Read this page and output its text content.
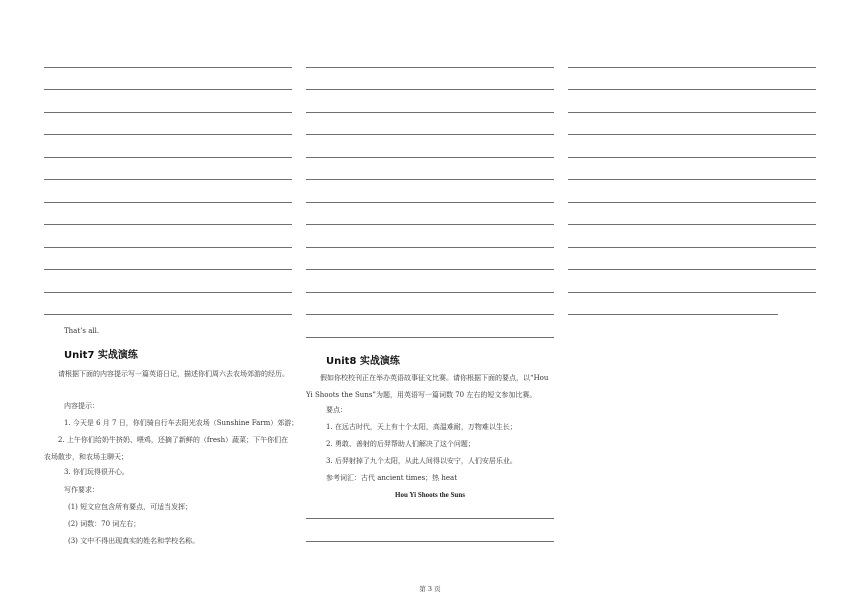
That’s all.
Unit7 实战演练
请根据下面的内容提示写一篇英语日记，描述你们周六去农场郊游的经历。
内容提示：
1. 今天是 6 月 7 日，你们骑自行车去阳光农场（Sunshine Farm）郊游；
2. 上午你们给奶牛挤奶、喂鸡，还摘了新鲜的（fresh）蔬菜；下午你们在农场散步，和农场主聊天；
3. 你们玩得很开心。
写作要求：
(1) 短文应包含所有要点，可适当发挥；
(2) 词数：70 词左右；
(3) 文中不得出现真实的姓名和学校名称。
Unit8 实战演练
假如你校校刊正在举办英语故事征文比赛。请你根据下面的要点，以“Hou Yi Shoots the Suns”为题，用英语写一篇词数 70 左右的短文参加比赛。
要点：
1. 在远古时代，天上有十个太阳，高温难耐，万物难以生长；
2. 勇敢、善射的后羿帮助人们解决了这个问题；
3. 后羿射掉了九个太阳，从此人间得以安宁，人们安居乐业。
参考词汇：古代 ancient times；热 heat
Hou Yi Shoots the Suns
第 3 页
